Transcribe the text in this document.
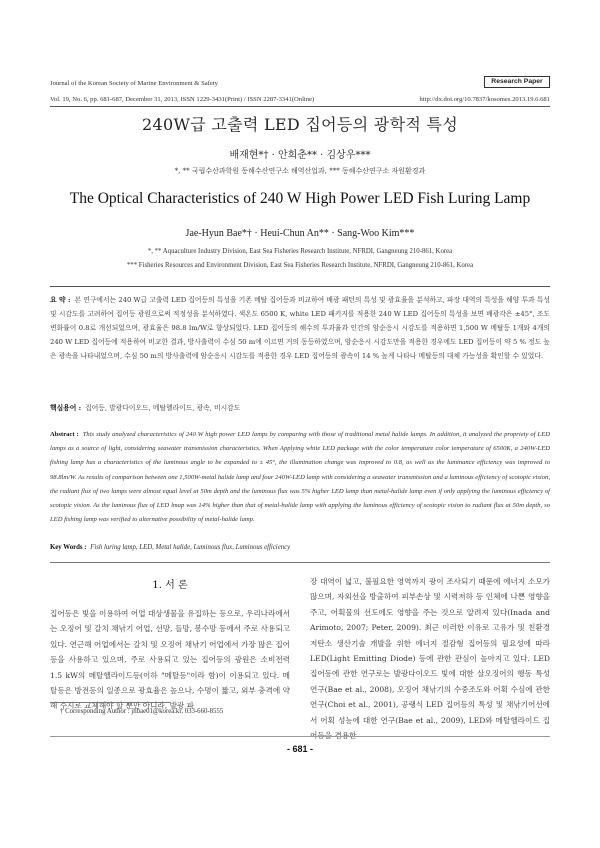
Journal of the Korean Society of Marine Environment & Safety	Research Paper
Vol. 19, No. 6, pp. 681-687, December 31, 2013, ISSN 1229-3431(Print) / ISSN 2287-3341(Online)	http://dx.doi.org/10.7837/kosomes.2013.19.6.681
240W급 고출력 LED 집어등의 광학적 특성
배재현*† · 안희춘** · 김상우***
*, ** 국립수산과학원 동해수산연구소 해역산업과, *** 동해수산연구소 자원환경과
The Optical Characteristics of 240 W High Power LED Fish Luring Lamp
Jae-Hyun Bae*† · Heui-Chun An** · Sang-Woo Kim***
*, ** Aquaculture Industry Division, East Sea Fisheries Research Institute, NFRDI, Gangneung 210-861, Korea
*** Fisheries Resources and Environment Division, East Sea Fisheries Research Institute, NFRDI, Gangneung 210-861, Korea
요 약 : 본 연구에서는 240 W급 고출력 LED 집어등의 특성을 기존 메탈 집어등과 비교하여 배광 패턴의 특성 및 광효율을 분석하고, 파장 대역의 특성을 해양 투과 특성 및 시감도를 고려하여 집어등 광원으로써 적정성을 분석하였다. 색온도 6500 K, white LED 패키지를 적용한 240 W LED 집어등의 특성을 보면 배광각은 ±45°, 조도 변화률이 0.8로 개선되었으며, 광효율은 98.8 lm/W로 향상되었다. LED 집어등의 해수의 투과율과 인간의 암순응시 시감도를 적용하면 1,500 W 메탈등 1개와 4개의 240 W LED 집어등에 적용하여 비교한 결과, 방사출력이 수심 50 m에 이르면 거의 동등하였으며, 암순응시 시감도만을 적용한 경우에도 LED 집어등이 약 5 % 정도 높은 광속을 나타내었으며, 수심 50 m의 방사출력에 암순응시 시감도를 적용한 경우 LED 집어등의 광속이 14 % 높게 나타나 메탈등의 대체 가능성을 확인할 수 있었다.
핵심용어 : 집어등, 발광다이오드, 메탈헬라이드, 광속, 비시감도
Abstract : This study analyzed characteristics of 240 W high power LED lamps by comparing with those of traditional metal halide lamps. In addition, it analyzed the propriety of LED lamps as a source of light, considering seawater transmission characteristics. When Applying white LED package with the color temperature color temperature of 6500K, a 240W-LED fishing lamp has a characteristics of the luminous angle to be expanded to ± 45°, the illumination change was improved to 0.8, as well as the luminance efficiency was improved to 98.8lm/W. As results of comparison between one 1,500W-metal halide lamp and four 240W-LED lamp with considering a seawater transmission and a luminous efficiency of scotopic vision, the radiant flux of two lamps were almost equal level at 50m depth and the luminous flux was 5% higher LED lamp than metal-halide lamp even if only applying the luminous efficiency of scotopic vision. As the luminous flux of LED lmap was 14% higher than that of metal-halide lamp with applying the luminous efficiency of scotopic vision to radiant flux at 50m depth, so LED fishing lamp was verified to alternative possibility of metal-halide lamp.
Key Words : Fish luring lamp, LED, Metal halide, Luminous flux, Luminous efficiency
1. 서 론
집어등은 빛을 이용하여 어업 대상생물을 유집하는 등으로, 우리나라에서는 오징어 및 갈치 채낚기 어업, 선망, 들망, 봉수망 등에서 주로 사용되고 있다. 연근해 어업에서는 갈치 및 오징어 채낚기 어업에서 가장 많은 집어등을 사용하고 있으며, 주로 사용되고 있는 집어등의 광원은 소비전력 1.5 kW의 메탈헬라이드등(이하 "메탈등"이라 함)이 이용되고 있다. 메탈등은 방전등의 일종으로 광효율은 높으나, 수명이 짧고, 외부 충격에 약해 수시로 교체해야 할 뿐만 아니라, 발광 파
장 대역이 넓고, 불필요한 영역까지 광이 조사되기 때문에 에너지 소모가 많으며, 자외선을 방출하여 피부손상 및 시력저하 등 인체에 나쁜 영향을 주고, 어획물의 선도에도 영향을 주는 것으로 알려져 있다(Inada and Arimoto, 2007; Peter, 2009). 최근 이러한 이유로 고유가 및 친환경 저탄소 생산기술 개발을 위한 에너지 절감형 집어등의 필요성에 따라 LED(Light Emitting Diode) 등에 관한 관심이 높아지고 있다. LED 집어등에 관한 연구로는 발광다이오드 빛에 대한 살오징어의 행동 특성 연구(Bae et al., 2008), 오징어 채낚기의 수중조도와 어획 수심에 관한 연구(Choi et al., 2001), 공랭식 LED 집어등의 특성 및 채낚기어선에서 어획 성능에 대한 연구(Bae et al., 2009), LED와 메탈헬라이드 집어등을 겸용한
† Corresponding Author : jhbae01@korea.kr, 033-660-8555
- 681 -
